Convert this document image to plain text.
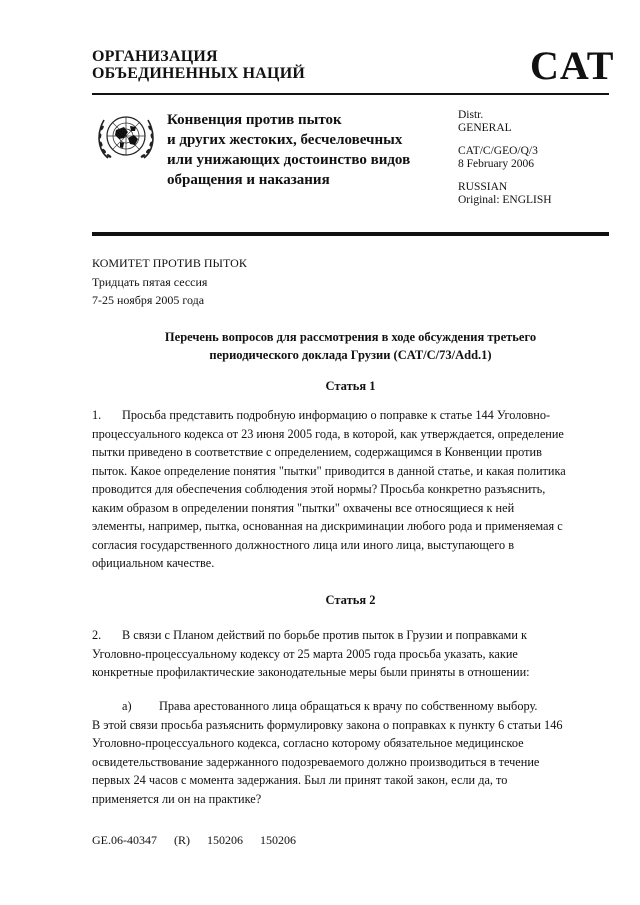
ОРГАНИЗАЦИЯ
ОБЪЕДИНЕННЫХ НАЦИЙ	CAT
Конвенция против пыток
и других жестоких, бесчеловечных
или унижающих достоинство видов
обращения и наказания
Distr.
GENERAL
CAT/C/GEO/Q/3
8 February 2006
RUSSIAN
Original: ENGLISH
КОМИТЕТ ПРОТИВ ПЫТОК
Тридцать пятая сессия
7-25 ноября 2005 года
Перечень вопросов для рассмотрения в ходе обсуждения третьего
периодического доклада Грузии (CAT/C/73/Add.1)
Статья 1
1. Просьба представить подробную информацию о поправке к статье 144 Уголовно-
процессуального кодекса от 23 июня 2005 года, в которой, как утверждается, определение
пытки приведено в соответствие с определением, содержащимся в Конвенции против
пыток. Какое определение понятия "пытки" приводится в данной статье, и какая политика
проводится для обеспечения соблюдения этой нормы? Просьба конкретно разъяснить,
каким образом в определении понятия "пытки" охвачены все относящиеся к ней
элементы, например, пытка, основанная на дискриминации любого рода и применяемая с
согласия государственного должностного лица или иного лица, выступающего в
официальном качестве.
Статья 2
2. В связи с Планом действий по борьбе против пыток в Грузии и поправками к
Уголовно-процессуальному кодексу от 25 марта 2005 года просьба указать, какие
конкретные профилактические законодательные меры были приняты в отношении:
a) Права арестованного лица обращаться к врачу по собственному выбору.
В этой связи просьба разъяснить формулировку закона о поправках к пункту 6 статьи 146
Уголовно-процессуального кодекса, согласно которому обязательное медицинское
освидетельствование задержанного подозреваемого должно производиться в течение
первых 24 часов с момента задержания. Был ли принят такой закон, если да, то
применяется ли он на практике?
GE.06-40347 (R) 150206 150206
